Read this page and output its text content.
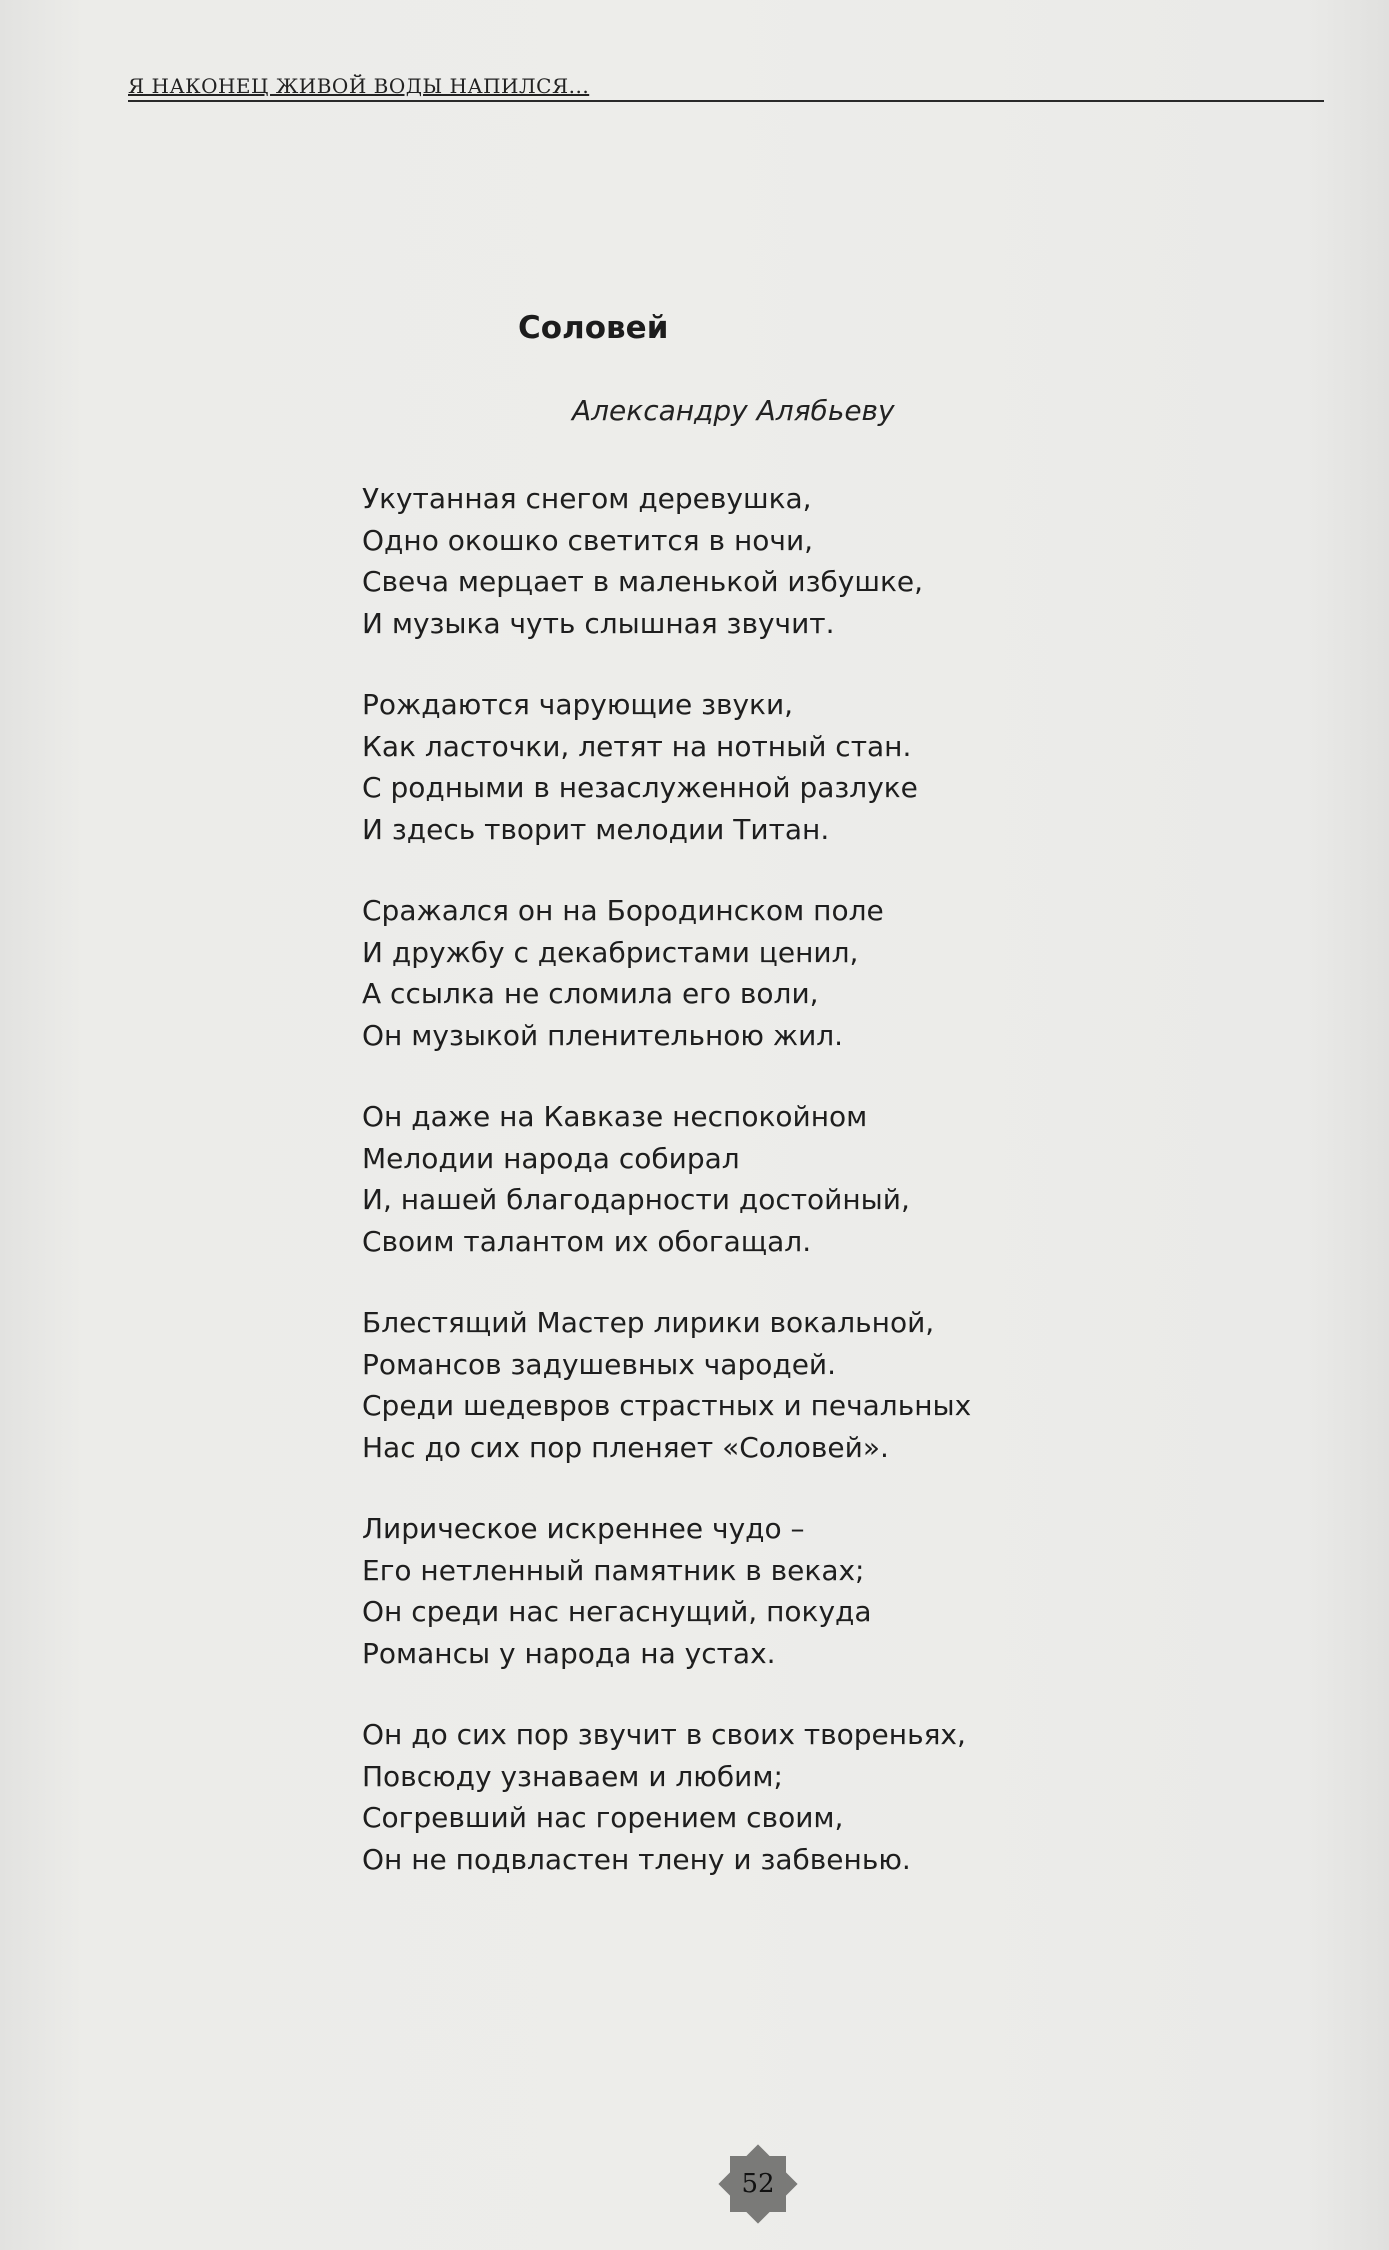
Я НАКОНЕЦ ЖИВОЙ ВОДЫ НАПИЛСЯ...
Соловей
Александру Алябьеву
Укутанная снегом деревушка,
Одно окошко светится в ночи,
Свеча мерцает в маленькой избушке,
И музыка чуть слышная звучит.
Рождаются чарующие звуки,
Как ласточки, летят на нотный стан.
С родными в незаслуженной разлуке
И здесь творит мелодии Титан.
Сражался он на Бородинском поле
И дружбу с декабристами ценил,
А ссылка не сломила его воли,
Он музыкой пленительною жил.
Он даже на Кавказе неспокойном
Мелодии народа собирал
И, нашей благодарности достойный,
Своим талантом их обогащал.
Блестящий Мастер лирики вокальной,
Романсов задушевных чародей.
Среди шедевров страстных и печальных
Нас до сих пор пленяет «Соловей».
Лирическое искреннее чудо –
Его нетленный памятник в веках;
Он среди нас негаснущий, покуда
Романсы у народа на устах.
Он до сих пор звучит в своих твореньях,
Повсюду узнаваем и любим;
Согревший нас горением своим,
Он не подвластен тлену и забвенью.
52
